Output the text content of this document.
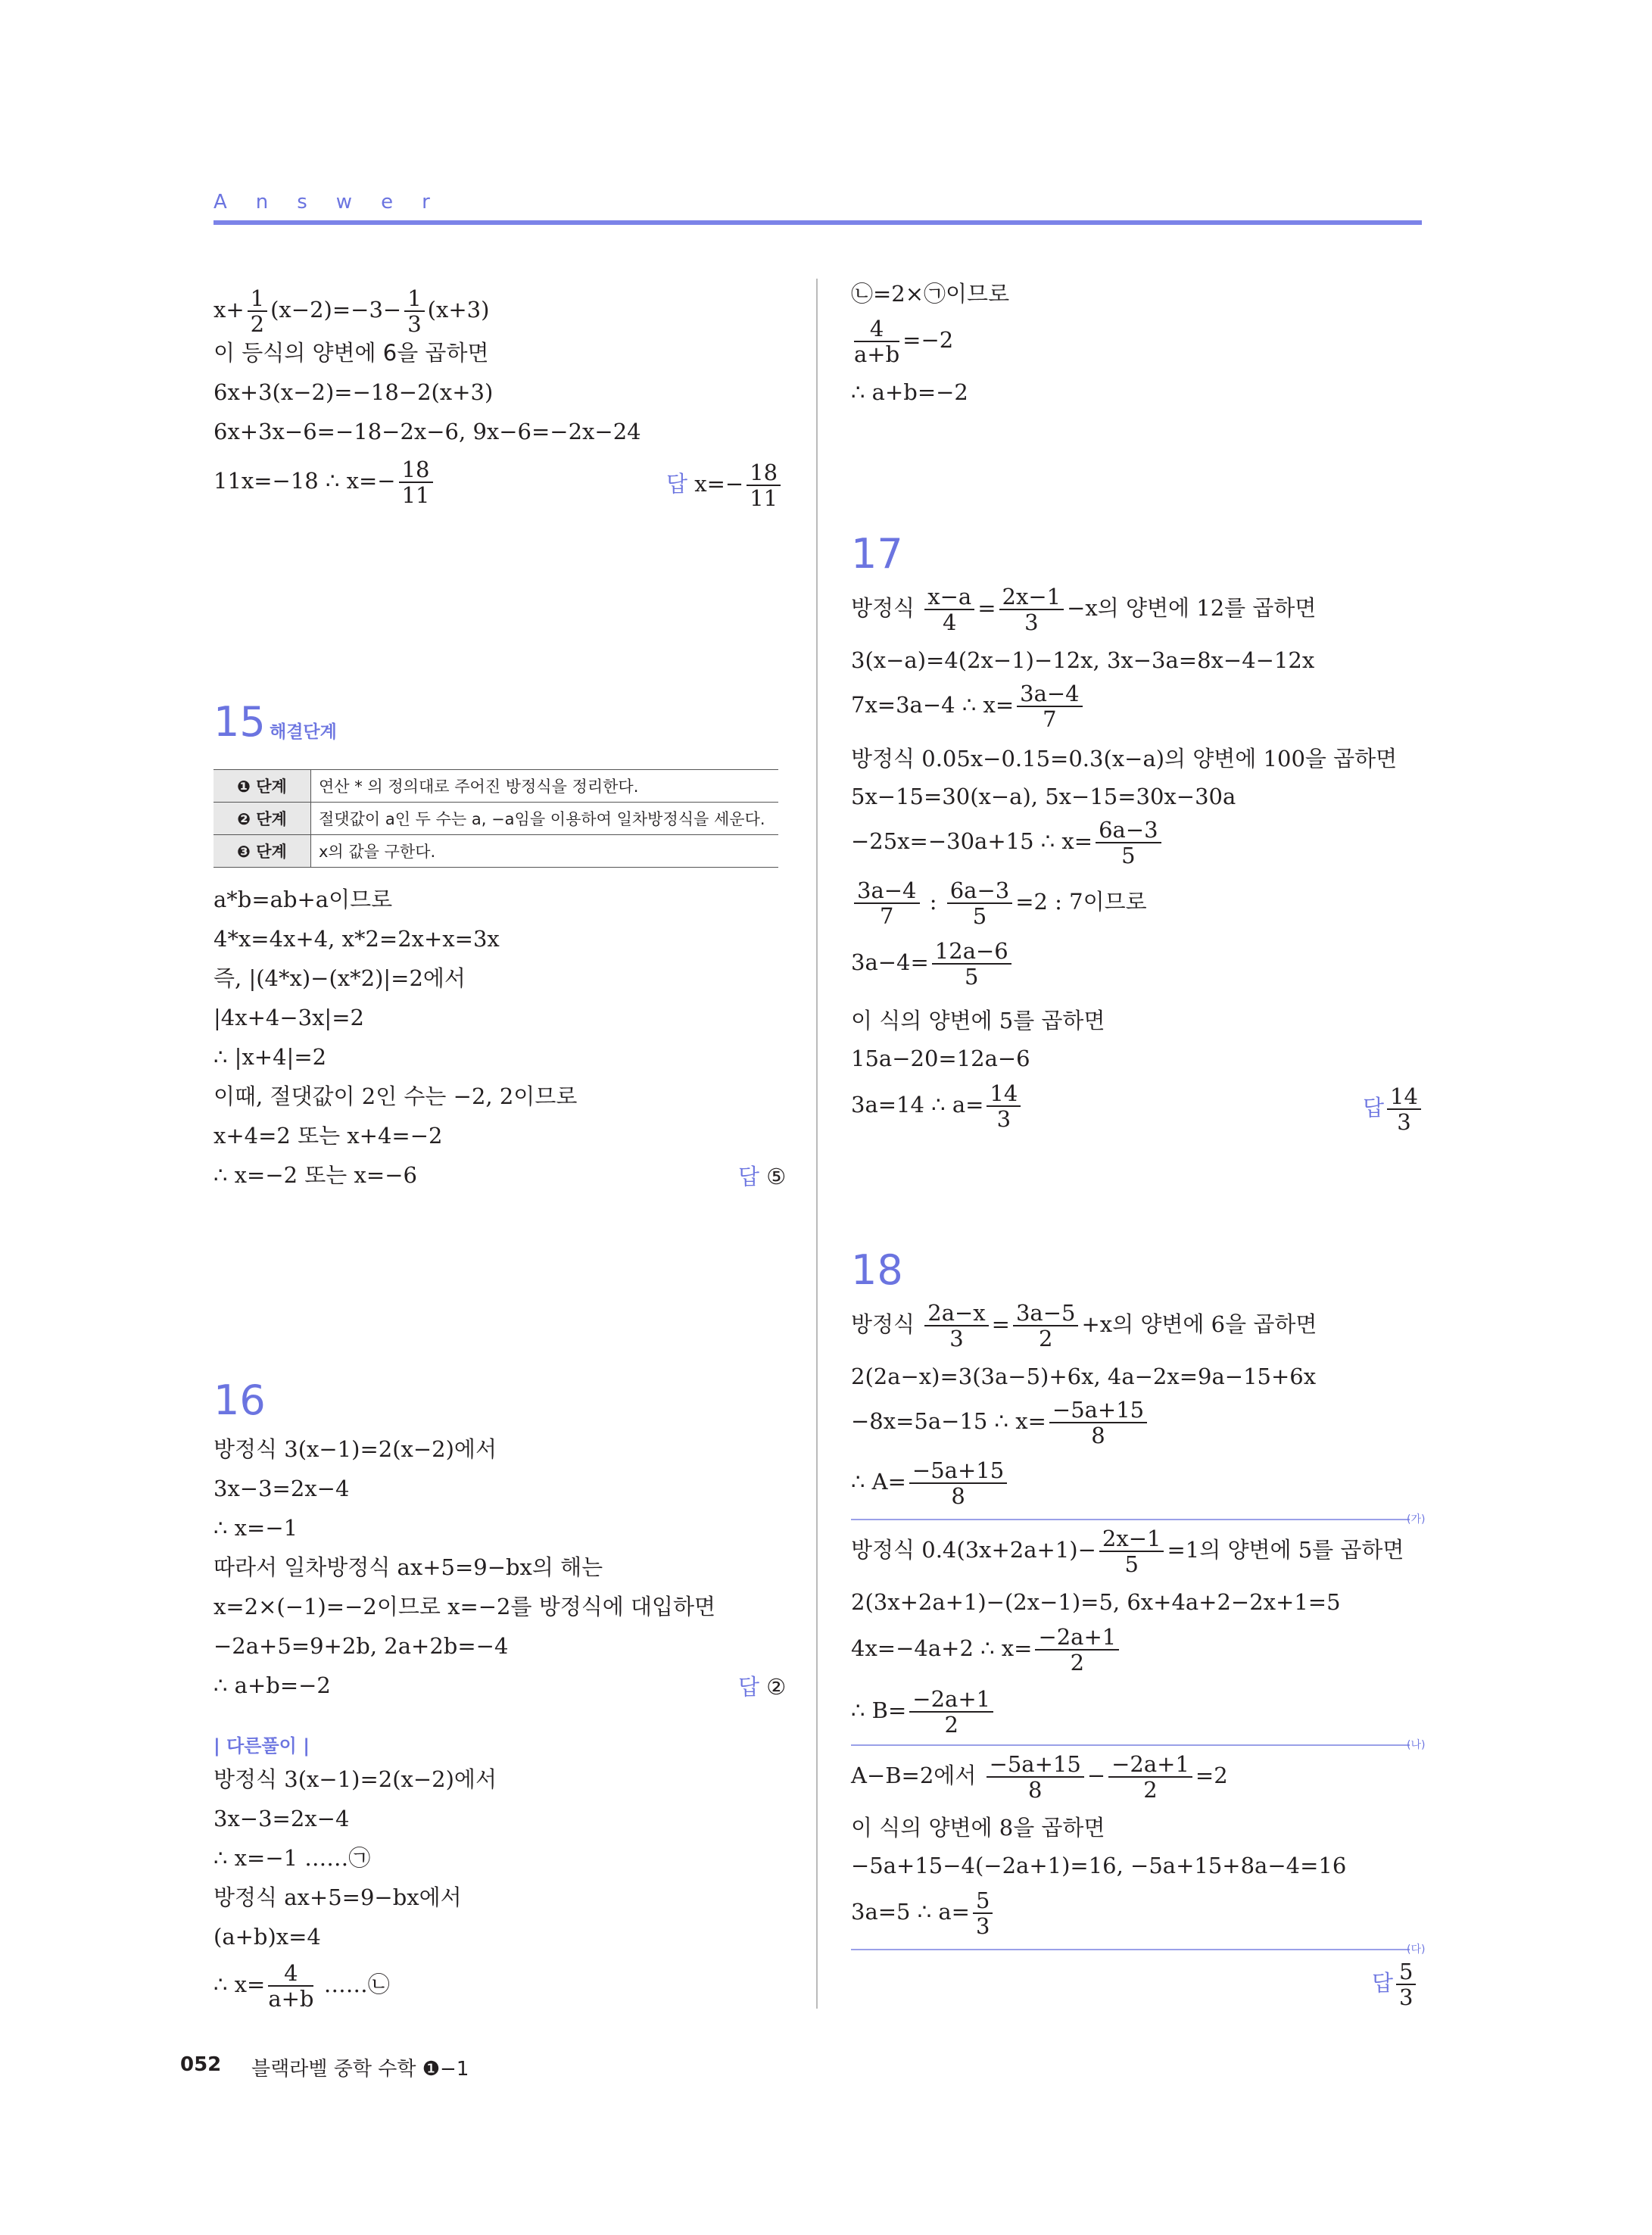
Answer
$x+ \frac{1}{2} (x-2)=-3- \frac{1}{3} (x+3)$
이 등식의 양변에 6을 곱하면
6x+3(x−2)=−18−2(x+3)
6x+3x−6=−18−2x−6, 9x−6=−2x−24
11x=−18 ∴ $x=- \frac{18}{11}$	답 $x=- \frac{18}{11}$
15 해결단계
❶ 단계	연산 * 의 정의대로 주어진 방정식을 정리한다.
❷ 단계	절댓값이 a인 두 수는 a, −a임을 이용하여 일차방정식을 세운다.
❸ 단계	x의 값을 구한다.
a*b=ab+a이므로
4*x=4x+4, x*2=2x+x=3x
즉, |(4*x)−(x*2)|=2에서
|4x+4−3x|=2
∴ |x+4|=2
이때, 절댓값이 2인 수는 −2, 2이므로
x+4=2 또는 x+4=−2
∴ x=−2 또는 x=−6	답 ⑤
16
방정식 3(x−1)=2(x−2)에서
3x−3=2x−4
∴ x=−1
따라서 일차방정식 ax+5=9−bx의 해는
x=2×(−1)=−2이므로 x=−2를 방정식에 대입하면
−2a+5=9+2b, 2a+2b=−4
∴ a+b=−2	답 ②
| 다른풀이 |
방정식 3(x−1)=2(x−2)에서
3x−3=2x−4
∴ x=−1 ……㉠
방정식 ax+5=9−bx에서
(a+b)x=4
∴ $x= \frac{4}{a+b}$ ……㉡
㉡=2×㉠이므로
$\frac{4}{a+b} =-2$
∴ a+b=−2
17
방정식 $\frac{x-a}{4} = \frac{2x-1}{3} -x$의 양변에 12를 곱하면
3(x−a)=4(2x−1)−12x, 3x−3a=8x−4−12x
7x=3a−4 ∴ $x= \frac{3a-4}{7}$
방정식 0.05x−0.15=0.3(x−a)의 양변에 100을 곱하면
5x−15=30(x−a), 5x−15=30x−30a
−25x=−30a+15 ∴ $x= \frac{6a-3}{5}$
$\frac{3a-4}{7}$ : $\frac{6a-3}{5} =2$ : 7이므로
$3a-4= \frac{12a-6}{5}$
이 식의 양변에 5를 곱하면
15a−20=12a−6
3a=14 ∴ $a= \frac{14}{3}$	답 $\frac{14}{3}$
18
방정식 $\frac{2a-x}{3} = \frac{3a-5}{2} +x$의 양변에 6을 곱하면
2(2a−x)=3(3a−5)+6x, 4a−2x=9a−15+6x
−8x=5a−15 ∴ $x= \frac{-5a+15}{8}$
∴ $A= \frac{-5a+15}{8}$
(가)
방정식 $0.4(3x+2a+1)- \frac{2x-1}{5} =1$의 양변에 5를 곱하면
2(3x+2a+1)−(2x−1)=5, 6x+4a+2−2x+1=5
4x=−4a+2 ∴ $x= \frac{-2a+1}{2}$
∴ $B= \frac{-2a+1}{2}$
(나)
A−B=2에서 $\frac{-5a+15}{8} - \frac{-2a+1}{2} =2$
이 식의 양변에 8을 곱하면
−5a+15−4(−2a+1)=16, −5a+15+8a−4=16
3a=5 ∴ $a= \frac{5}{3}$
(다)
답 $\frac{5}{3}$
052 블랙라벨 중학 수학 ❶−1
